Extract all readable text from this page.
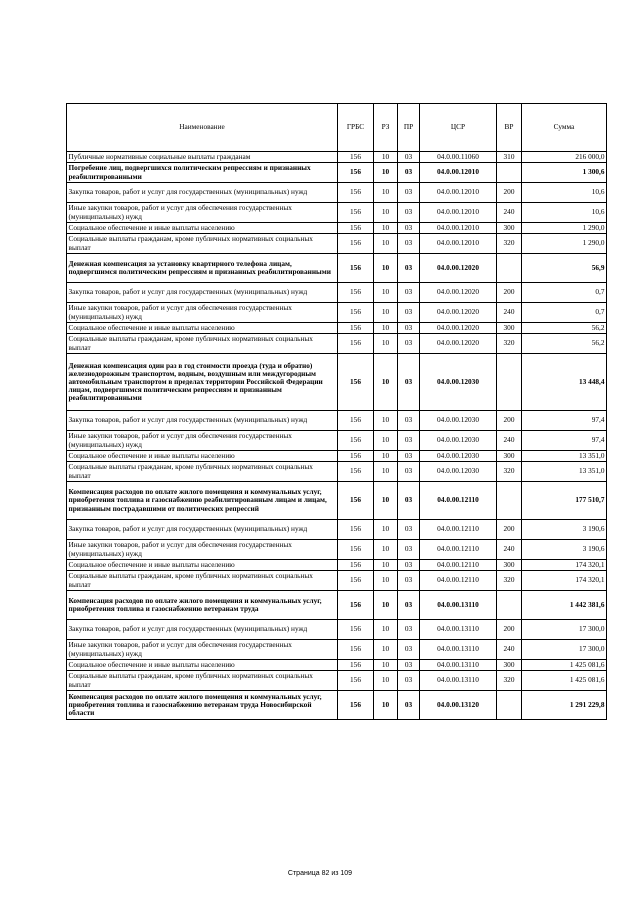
Наименование	ГРБС	РЗ	ПР	ЦСР	ВР	Сумма
Публичные нормативные социальные выплаты гражданам	156	10	03	04.0.00.11060	310	216 000,0
Погребение лиц, подвергшихся политическим репрессиям и признанных реабилитированными	156	10	03	04.0.00.12010		1 300,6
Закупка товаров, работ и услуг для государственных (муниципальных) нужд	156	10	03	04.0.00.12010	200	10,6
Иные закупки товаров, работ и услуг для обеспечения государственных (муниципальных) нужд	156	10	03	04.0.00.12010	240	10,6
Социальное обеспечение и иные выплаты населению	156	10	03	04.0.00.12010	300	1 290,0
Социальные выплаты гражданам, кроме публичных нормативных социальных выплат	156	10	03	04.0.00.12010	320	1 290,0
Денежная компенсация за установку квартирного телефона лицам, подвергшимся политическим репрессиям и признанных реабилитированными	156	10	03	04.0.00.12020		56,9
Закупка товаров, работ и услуг для государственных (муниципальных) нужд	156	10	03	04.0.00.12020	200	0,7
Иные закупки товаров, работ и услуг для обеспечения государственных (муниципальных) нужд	156	10	03	04.0.00.12020	240	0,7
Социальное обеспечение и иные выплаты населению	156	10	03	04.0.00.12020	300	56,2
Социальные выплаты гражданам, кроме публичных нормативных социальных выплат	156	10	03	04.0.00.12020	320	56,2
Денежная компенсация один раз в год стоимости проезда (туда и обратно) железнодорожным транспортом, водным, воздушным или междугородным автомобильным транспортом в пределах территории Российской Федерации лицам, подвергшимся политическим репрессиям и признанным реабилитированными	156	10	03	04.0.00.12030		13 448,4
Закупка товаров, работ и услуг для государственных (муниципальных) нужд	156	10	03	04.0.00.12030	200	97,4
Иные закупки товаров, работ и услуг для обеспечения государственных (муниципальных) нужд	156	10	03	04.0.00.12030	240	97,4
Социальное обеспечение и иные выплаты населению	156	10	03	04.0.00.12030	300	13 351,0
Социальные выплаты гражданам, кроме публичных нормативных социальных выплат	156	10	03	04.0.00.12030	320	13 351,0
Компенсация расходов по оплате жилого помещения и коммунальных услуг, приобретения топлива и газоснабжению реабилитированным лицам и лицам, признанным пострадавшими от политических репрессий	156	10	03	04.0.00.12110		177 510,7
Закупка товаров, работ и услуг для государственных (муниципальных) нужд	156	10	03	04.0.00.12110	200	3 190,6
Иные закупки товаров, работ и услуг для обеспечения государственных (муниципальных) нужд	156	10	03	04.0.00.12110	240	3 190,6
Социальное обеспечение и иные выплаты населению	156	10	03	04.0.00.12110	300	174 320,1
Социальные выплаты гражданам, кроме публичных нормативных социальных выплат	156	10	03	04.0.00.12110	320	174 320,1
Компенсация расходов по оплате жилого помещения и коммунальных услуг, приобретения топлива и газоснабжению ветеранам труда	156	10	03	04.0.00.13110		1 442 381,6
Закупка товаров, работ и услуг для государственных (муниципальных) нужд	156	10	03	04.0.00.13110	200	17 300,0
Иные закупки товаров, работ и услуг для обеспечения государственных (муниципальных) нужд	156	10	03	04.0.00.13110	240	17 300,0
Социальное обеспечение и иные выплаты населению	156	10	03	04.0.00.13110	300	1 425 081,6
Социальные выплаты гражданам, кроме публичных нормативных социальных выплат	156	10	03	04.0.00.13110	320	1 425 081,6
Компенсация расходов по оплате жилого помещения и коммунальных услуг, приобретения топлива и газоснабжению ветеранам труда Новосибирской области	156	10	03	04.0.00.13120		1 291 229,8
Страница 82 из 109
